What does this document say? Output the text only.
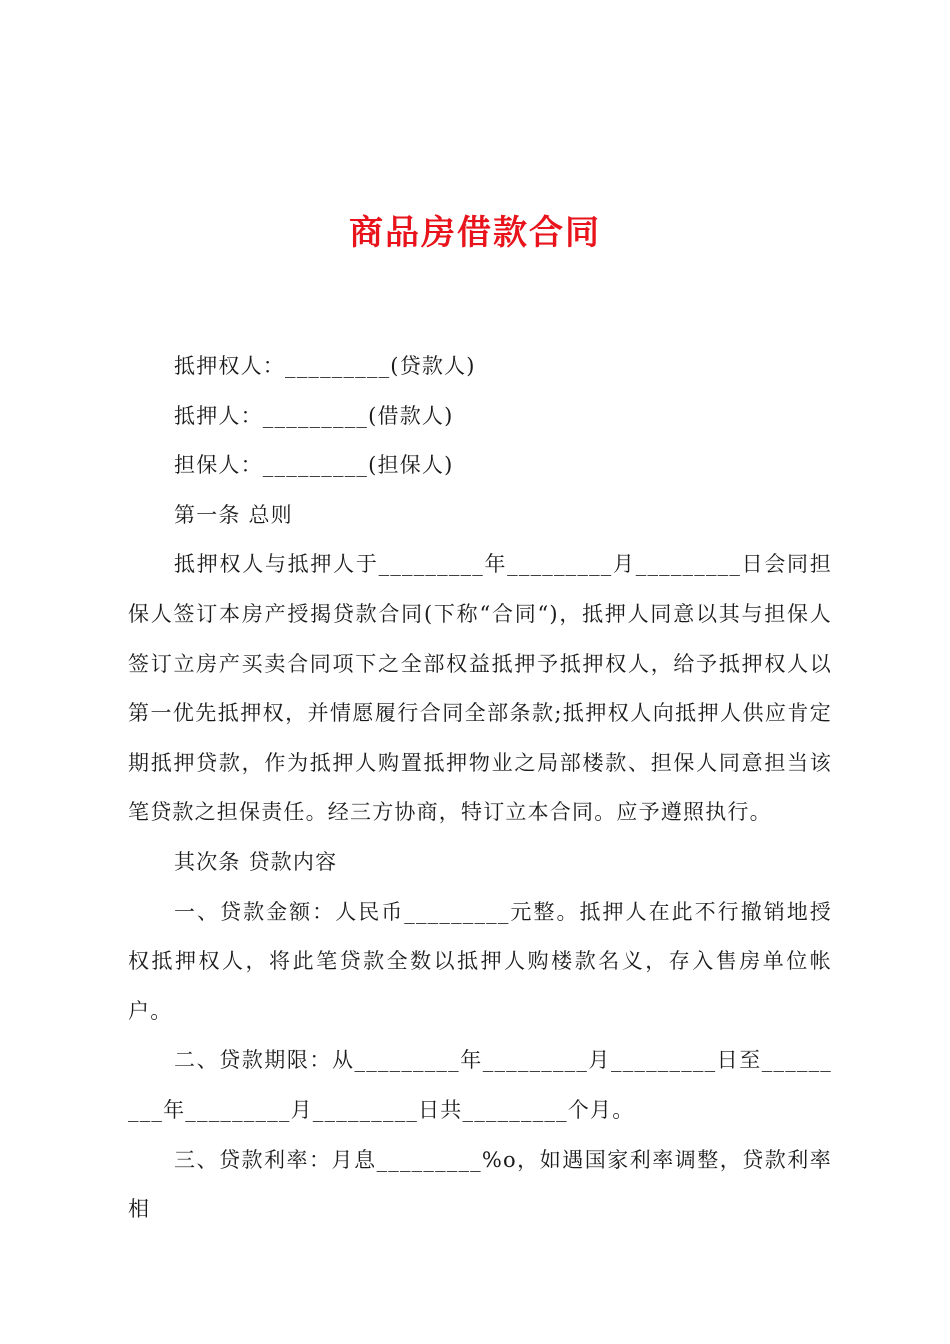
商品房借款合同

抵押权人：_________(贷款人)

抵押人：_________(借款人)

担保人：_________(担保人)

第一条 总则

抵押权人与抵押人于_________年_________月_________日会同担保人签订本房产授揭贷款合同(下称“合同“)，抵押人同意以其与担保人签订立房产买卖合同项下之全部权益抵押予抵押权人，给予抵押权人以第一优先抵押权，并情愿履行合同全部条款;抵押权人向抵押人供应肯定期抵押贷款，作为抵押人购置抵押物业之局部楼款、担保人同意担当该笔贷款之担保责任。经三方协商，特订立本合同。应予遵照执行。

其次条 贷款内容

一、贷款金额：人民币_________元整。抵押人在此不行撤销地授权抵押权人，将此笔贷款全数以抵押人购楼款名义，存入售房单位帐户。

二、贷款期限：从_________年_________月_________日至_________年_________月_________日共_________个月。

三、贷款利率：月息_________%o，如遇国家利率调整，贷款利率相
